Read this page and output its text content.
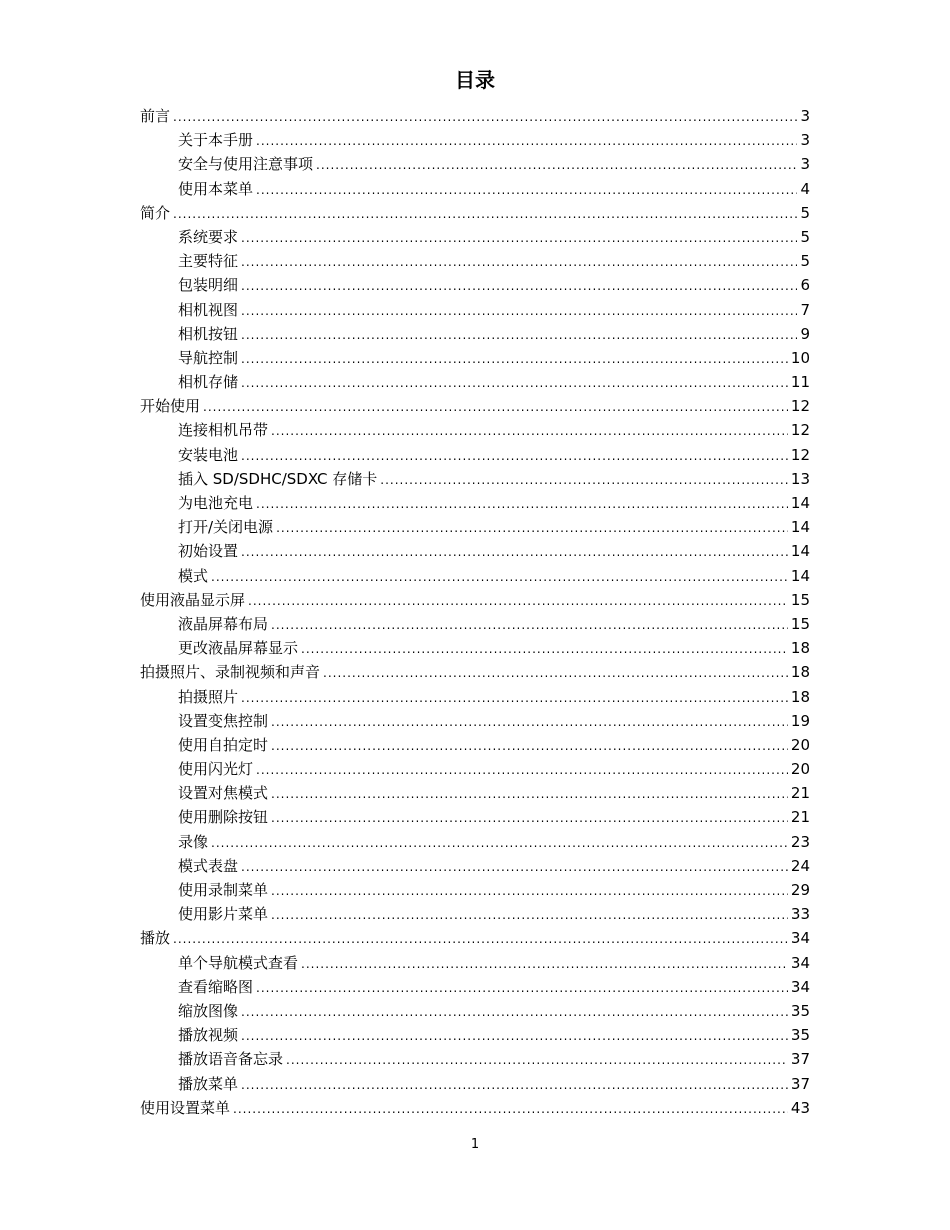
目录
前言 .....	3
关于本手册 .....	3
安全与使用注意事项 .....	3
使用本菜单 .....	4
简介 .....	5
系统要求 .....	5
主要特征 .....	5
包装明细 .....	6
相机视图 .....	7
相机按钮 .....	9
导航控制 .....	10
相机存储 .....	11
开始使用 .....	12
连接相机吊带 .....	12
安装电池 .....	12
插入 SD/SDHC/SDXC 存储卡 .....	13
为电池充电 .....	14
打开/关闭电源 .....	14
初始设置 .....	14
模式 .....	14
使用液晶显示屏 .....	15
液晶屏幕布局 .....	15
更改液晶屏幕显示 .....	18
拍摄照片、录制视频和声音 .....	18
拍摄照片 .....	18
设置变焦控制 .....	19
使用自拍定时 .....	20
使用闪光灯 .....	20
设置对焦模式 .....	21
使用删除按钮 .....	21
录像 .....	23
模式表盘 .....	24
使用录制菜单 .....	29
使用影片菜单 .....	33
播放 .....	34
单个导航模式查看 .....	34
查看缩略图 .....	34
缩放图像 .....	35
播放视频 .....	35
播放语音备忘录 .....	37
播放菜单 .....	37
使用设置菜单 .....	43
1
